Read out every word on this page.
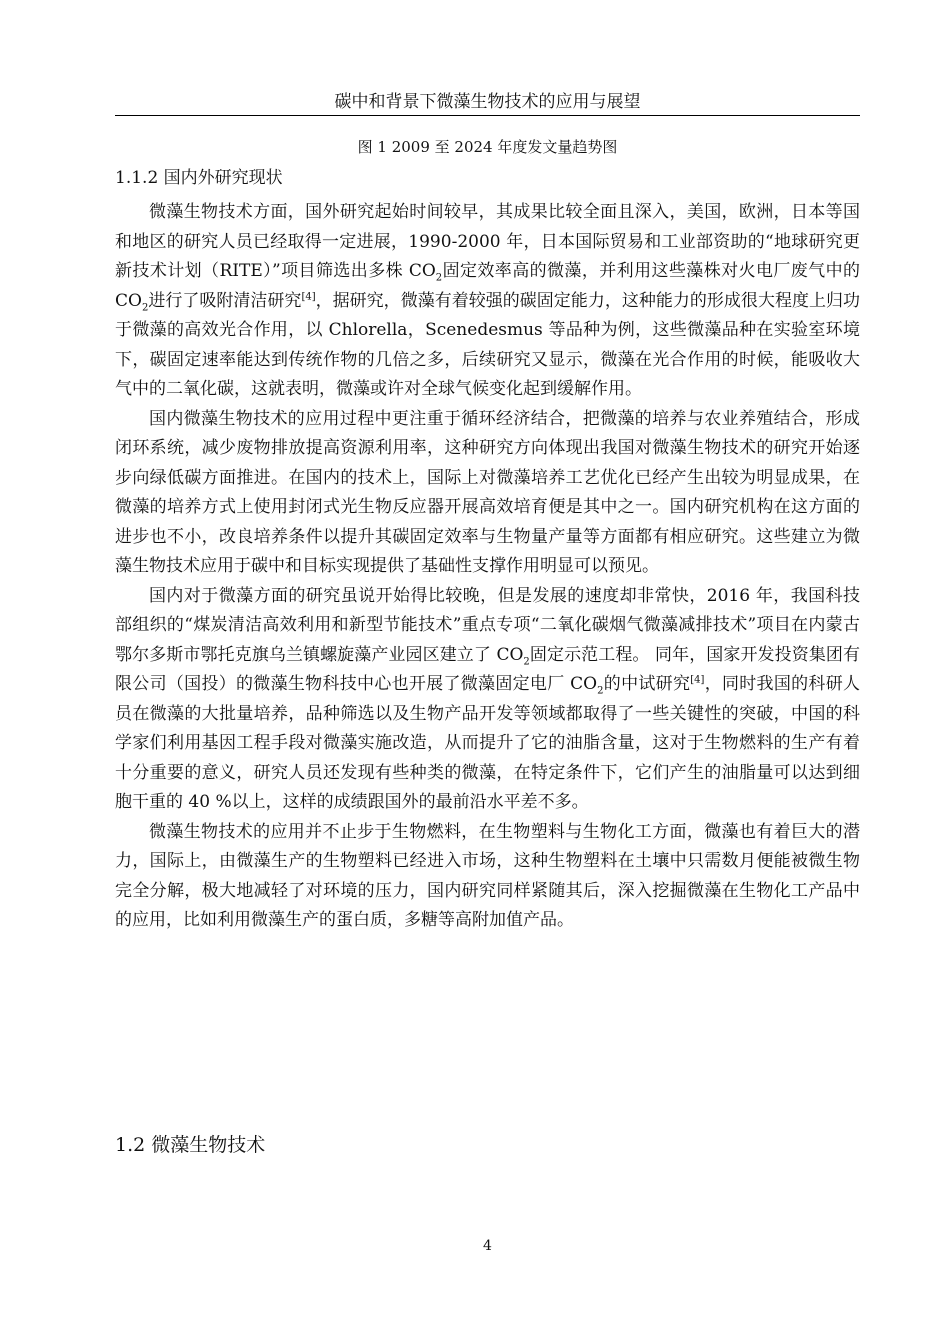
碳中和背景下微藻生物技术的应用与展望
图 1 2009 至 2024 年度发文量趋势图
1.1.2 国内外研究现状

微藻生物技术方面，国外研究起始时间较早，其成果比较全面且深入，美国，欧洲，日本等国和地区的研究人员已经取得一定进展，1990-2000 年，日本国际贸易和工业部资助的“地球研究更新技术计划（RITE）”项目筛选出多株 $CO_2$固定效率高的微藻，并利用这些藻株对火电厂废气中的 $CO_2$进行了吸附清洁研究[4]，据研究，微藻有着较强的碳固定能力，这种能力的形成很大程度上归功于微藻的高效光合作用，以 Chlorella，Scenedesmus 等品种为例，这些微藻品种在实验室环境下，碳固定速率能达到传统作物的几倍之多，后续研究又显示，微藻在光合作用的时候，能吸收大气中的二氧化碳，这就表明，微藻或许对全球气候变化起到缓解作用。

国内微藻生物技术的应用过程中更注重于循环经济结合，把微藻的培养与农业养殖结合，形成闭环系统，减少废物排放提高资源利用率，这种研究方向体现出我国对微藻生物技术的研究开始逐步向绿低碳方面推进。在国内的技术上，国际上对微藻培养工艺优化已经产生出较为明显成果，在微藻的培养方式上使用封闭式光生物反应器开展高效培育便是其中之一。国内研究机构在这方面的进步也不小，改良培养条件以提升其碳固定效率与生物量产量等方面都有相应研究。这些建立为微藻生物技术应用于碳中和目标实现提供了基础性支撑作用明显可以预见。

国内对于微藻方面的研究虽说开始得比较晚，但是发展的速度却非常快，2016 年，我国科技部组织的“煤炭清洁高效利用和新型节能技术”重点专项“二氧化碳烟气微藻减排技术”项目在内蒙古鄂尔多斯市鄂托克旗乌兰镇螺旋藻产业园区建立了 $CO_2$固定示范工程。 同年，国家开发投资集团有限公司（国投）的微藻生物科技中心也开展了微藻固定电厂 $CO_2$的中试研究[4]，同时我国的科研人员在微藻的大批量培养，品种筛选以及生物产品开发等领域都取得了一些关键性的突破，中国的科学家们利用基因工程手段对微藻实施改造，从而提升了它的油脂含量，这对于生物燃料的生产有着十分重要的意义，研究人员还发现有些种类的微藻，在特定条件下，它们产生的油脂量可以达到细胞干重的 40 %以上，这样的成绩跟国外的最前沿水平差不多。

微藻生物技术的应用并不止步于生物燃料，在生物塑料与生物化工方面，微藻也有着巨大的潜力，国际上，由微藻生产的生物塑料已经进入市场，这种生物塑料在土壤中只需数月便能被微生物完全分解，极大地减轻了对环境的压力，国内研究同样紧随其后，深入挖掘微藻在生物化工产品中的应用，比如利用微藻生产的蛋白质，多糖等高附加值产品。

1.2 微藻生物技术
4
